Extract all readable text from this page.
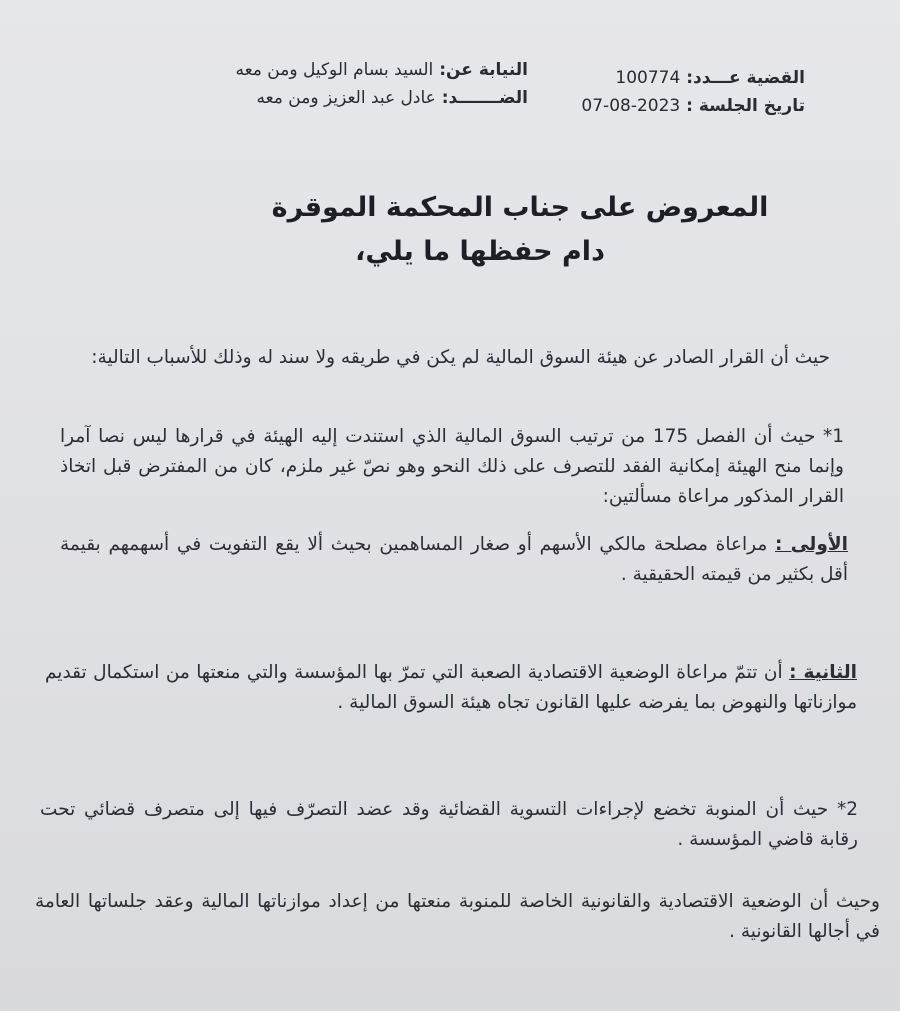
القضية عـــدد: 100774
تاريخ الجلسة : 2023-08-07
النيابة عن: السيد بسام الوكيل ومن معه
الضـــــــد: عادل عبد العزيز ومن معه
المعروض على جناب المحكمة الموقرة
دام حفظها ما يلي،
حيث أن القرار الصادر عن هيئة السوق المالية لم يكن في طريقه ولا سند له وذلك للأسباب التالية:
1* حيث أن الفصل 175 من ترتيب السوق المالية الذي استندت إليه الهيئة في قرارها ليس نصا آمرا وإنما منح الهيئة إمكانية الفقد للتصرف على ذلك النحو وهو نصّ غير ملزم، كان من المفترض قبل اتخاذ القرار المذكور مراعاة مسألتين:
الأولى : مراعاة مصلحة مالكي الأسهم أو صغار المساهمين بحيث ألا يقع التفويت في أسهمهم بقيمة أقل بكثير من قيمته الحقيقية .
الثانية : أن تتمّ مراعاة الوضعية الاقتصادية الصعبة التي تمرّ بها المؤسسة والتي منعتها من استكمال تقديم موازناتها والنهوض بما يفرضه عليها القانون تجاه هيئة السوق المالية .
2* حيث أن المنوبة تخضع لإجراءات التسوية القضائية وقد عضد التصرّف فيها إلى متصرف قضائي تحت رقابة قاضي المؤسسة .
وحيث أن الوضعية الاقتصادية والقانونية الخاصة للمنوبة منعتها من إعداد موازناتها المالية وعقد جلساتها العامة في أجالها القانونية .
